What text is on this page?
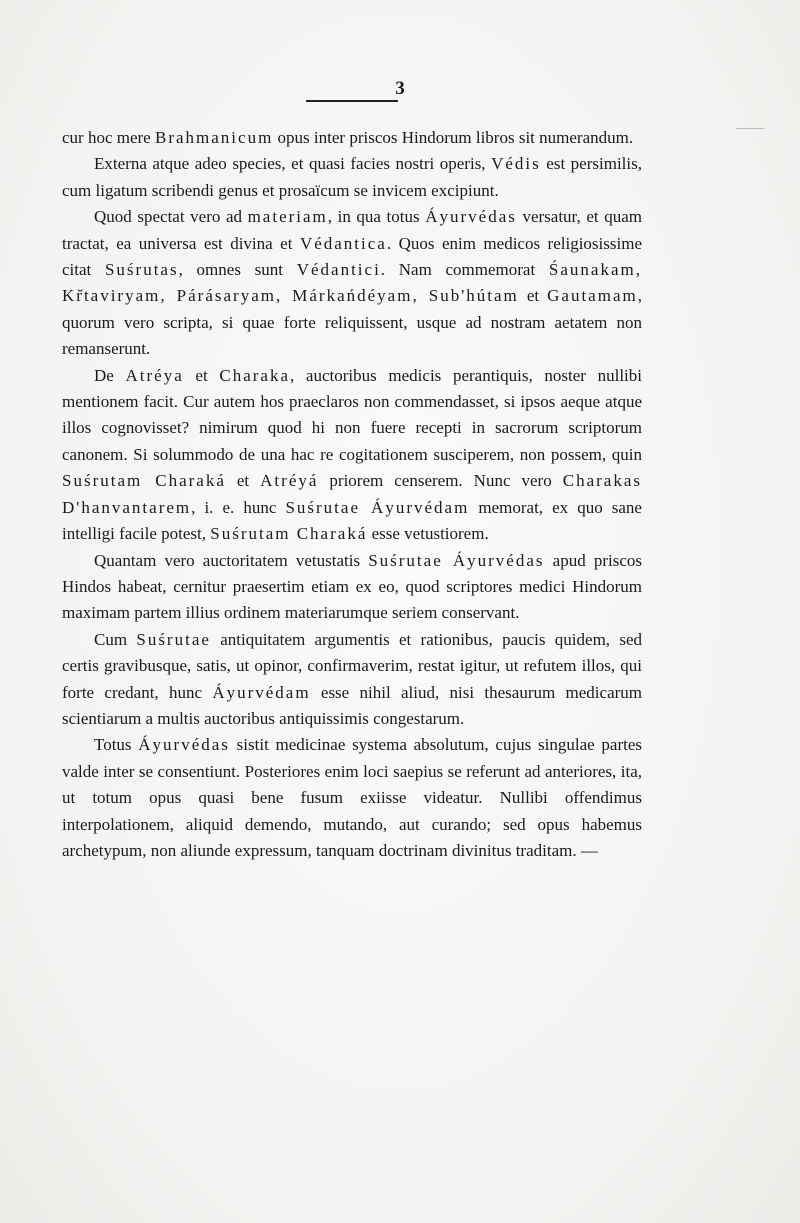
3

cur hoc mere Brahmanicum opus inter priscos Hindorum libros sit numerandum.

Externa atque adeo species, et quasi facies nostri operis, Védis est persimilis, cum ligatum scribendi genus et prosaïcum se invicem excipiunt.

Quod spectat vero ad materiam, in qua totus Áyurvédas versatur, et quam tractat, ea universa est divina et Védantica. Quos enim medicos religiosissime citat Suśrutas, omnes sunt Védantici. Nam commemorat Śaunakam, Kr̆taviryam, Párásaryam, Márkańdéyam, Sub'hútam et Gautamam, quorum vero scripta, si quae forte reliquissent, usque ad nostram aetatem non remanserunt.

De Atréya et Charaka, auctoribus medicis perantiquis, noster nullibi mentionem facit. Cur autem hos praeclaros non commendasset, si ipsos aeque atque illos cognovisset? nimirum quod hi non fuere recepti in sacrorum scriptorum canonem. Si solummodo de una hac re cogitationem susciperem, non possem, quin Suśrutam Charaká et Atréyá priorem censerem. Nunc vero Charakas D'hanvantarem, i. e. hunc Suśrutae Áyurvédam memorat, ex quo sane intelligi facile potest, Suśrutam Charaká esse vetustiorem.

Quantam vero auctoritatem vetustatis Suśrutae Áyurvédas apud priscos Hindos habeat, cernitur praesertim etiam ex eo, quod scriptores medici Hindorum maximam partem illius ordinem materiarumque seriem conservant.

Cum Suśrutae antiquitatem argumentis et rationibus, paucis quidem, sed certis gravibusque, satis, ut opinor, confirmaverim, restat igitur, ut refutem illos, qui forte credant, hunc Áyurvédam esse nihil aliud, nisi thesaurum medicarum scientiarum a multis auctoribus antiquissimis congestarum.

Totus Áyurvédas sistit medicinae systema absolutum, cujus singulae partes valde inter se consentiunt. Posteriores enim loci saepius se referunt ad anteriores, ita, ut totum opus quasi bene fusum exiisse videatur. Nullibi offendimus interpolationem, aliquid demendo, mutando, aut curando; sed opus habemus archetypum, non aliunde expressum, tanquam doctrinam divinitus traditam. —
